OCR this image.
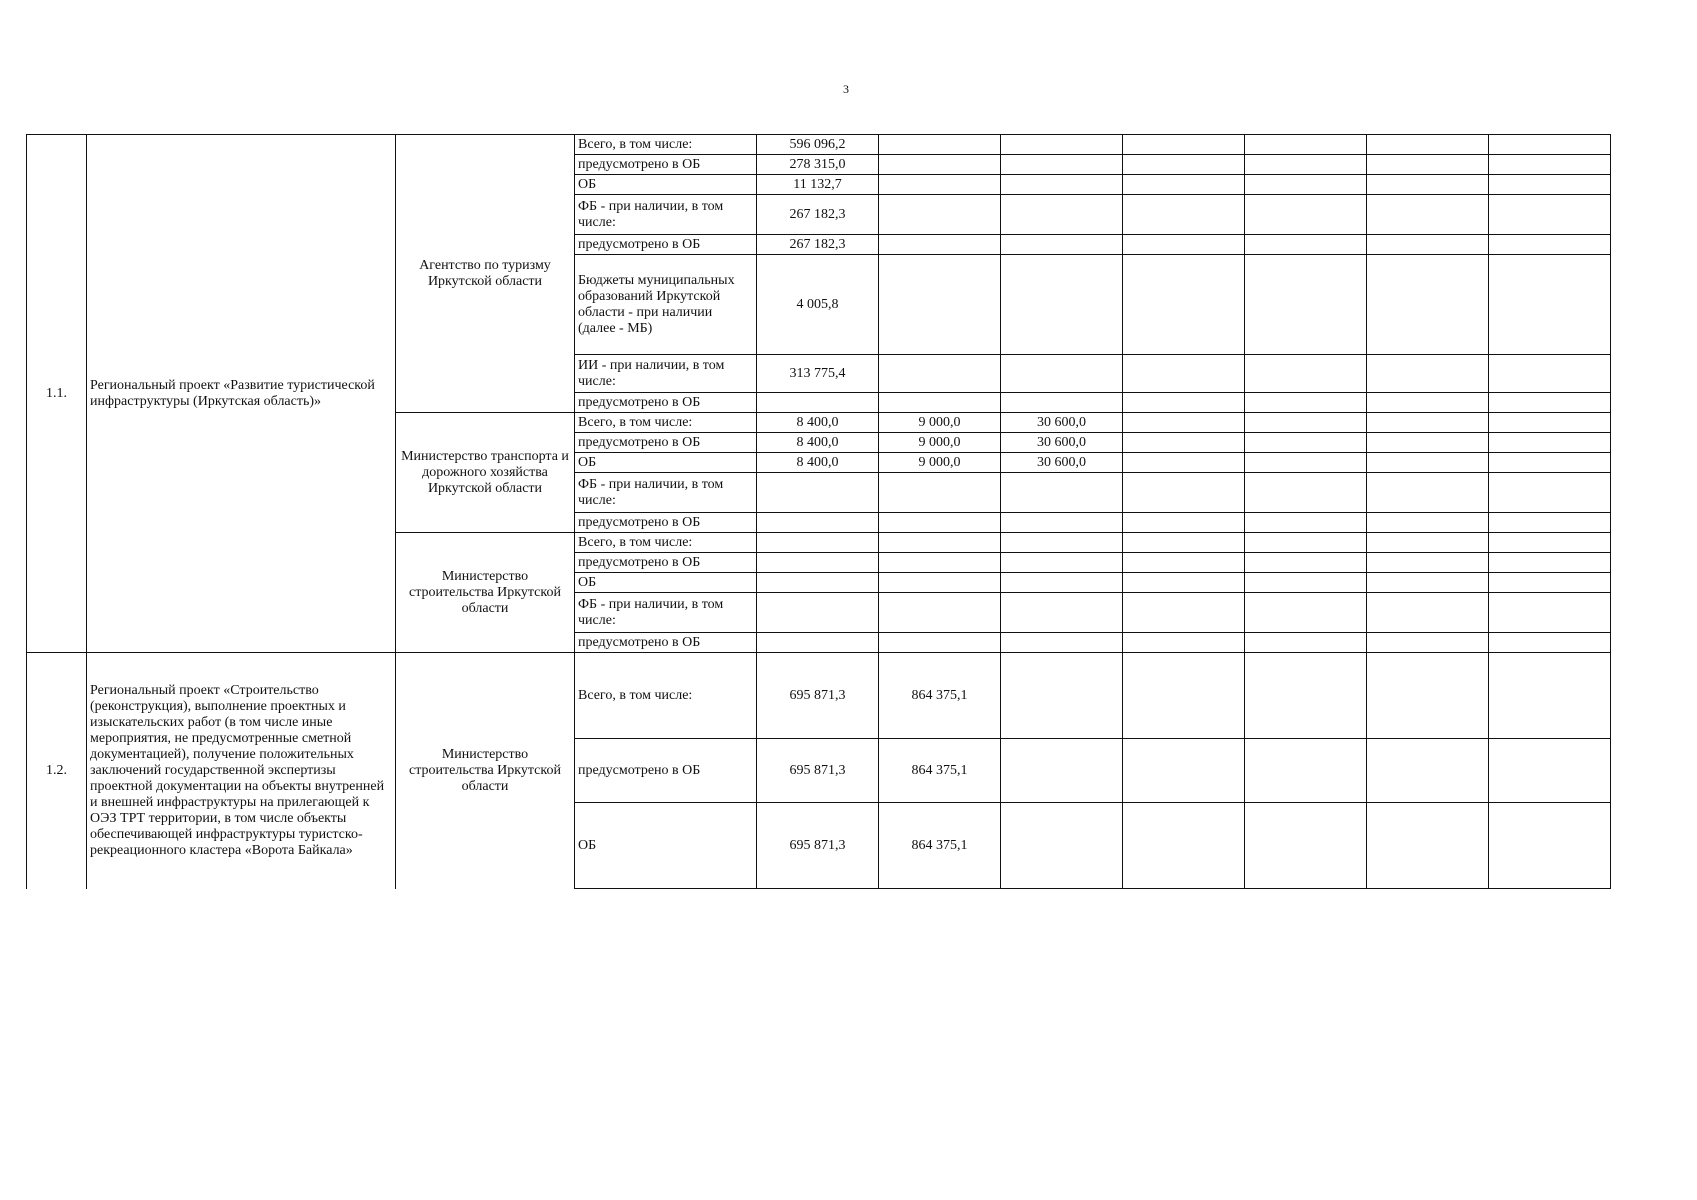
3
1.1.	Региональный проект «Развитие туристической инфраструктуры (Иркутская область)»	Агентство по туризму Иркутской области	Всего, в том числе:	596 096,2						
			предусмотрено в ОБ	278 315,0						
			ОБ	11 132,7						
			ФБ - при наличии, в том числе:	267 182,3						
			предусмотрено в ОБ	267 182,3						
			Бюджеты муниципальных образований Иркутской области - при наличии (далее - МБ)	4 005,8						
			ИИ - при наличии, в том числе:	313 775,4						
			предусмотрено в ОБ							
		Министерство транспорта и дорожного хозяйства Иркутской области	Всего, в том числе:	8 400,0	9 000,0	30 600,0				
			предусмотрено в ОБ	8 400,0	9 000,0	30 600,0				
			ОБ	8 400,0	9 000,0	30 600,0				
			ФБ - при наличии, в том числе:							
			предусмотрено в ОБ							
		Министерство строительства Иркутской области	Всего, в том числе:							
			предусмотрено в ОБ							
			ОБ							
			ФБ - при наличии, в том числе:							
			предусмотрено в ОБ							
1.2.	Региональный проект «Строительство (реконструкция), выполнение проектных и изыскательских работ (в том числе иные мероприятия, не предусмотренные сметной документацией), получение положительных заключений государственной экспертизы проектной документации на объекты внутренней и внешней инфраструктуры на прилегающей к ОЭЗ ТРТ территории, в том числе объекты обеспечивающей инфраструктуры туристско-рекреационного кластера «Ворота Байкала»	Министерство строительства Иркутской области	Всего, в том числе:	695 871,3	864 375,1					
			предусмотрено в ОБ	695 871,3	864 375,1					
			ОБ	695 871,3	864 375,1					
